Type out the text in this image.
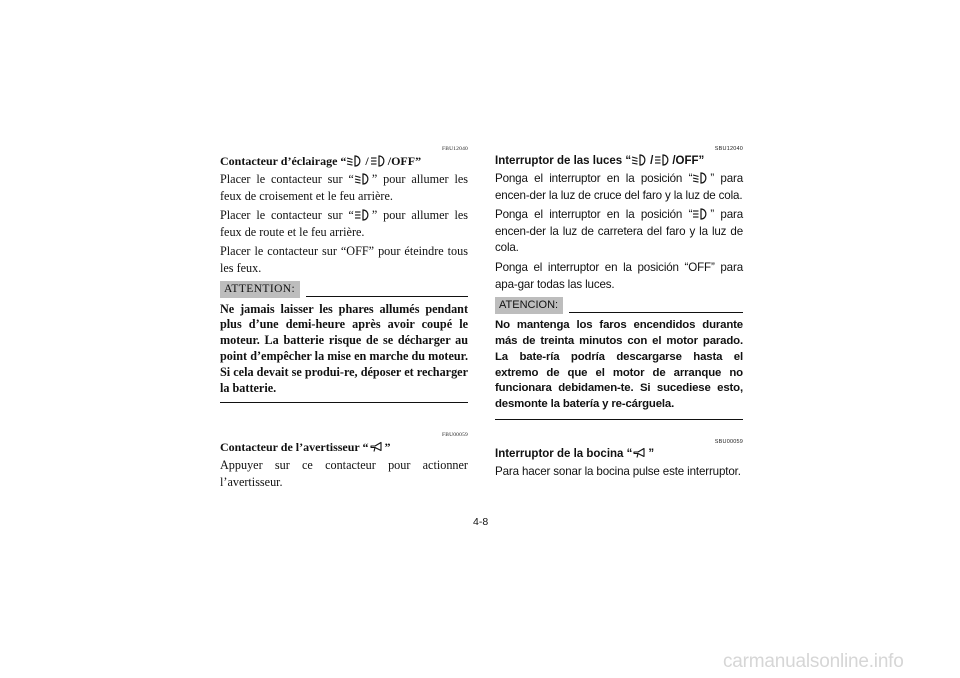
FBU12040
Contacteur d’éclairage “ / /OFF”

Placer le contacteur sur “ ” pour allumer les feux de croisement et le feu arrière.

Placer le contacteur sur “ ” pour allumer les feux de route et le feu arrière.

Placer le contacteur sur “OFF” pour éteindre tous les feux.

ATTENTION:
Ne jamais laisser les phares allumés pendant plus d’une demi-heure après avoir coupé le moteur. La batterie risque de se décharger au point d’empêcher la mise en marche du moteur. Si cela devait se produi-re, déposer et recharger la batterie.
FBU00059
Contacteur de l’avertisseur “ ”

Appuyer sur ce contacteur pour actionner l’avertisseur.

SBU12040
Interruptor de las luces “ / /OFF”

Ponga el interruptor en la posición “ ” para encen-der la luz de cruce del faro y la luz de cola.

Ponga el interruptor en la posición “ ” para encen-der la luz de carretera del faro y la luz de cola.

Ponga el interruptor en la posición “OFF” para apa-gar todas las luces.

ATENCION:
No mantenga los faros encendidos durante más de treinta minutos con el motor parado. La bate-ría podría descargarse hasta el extremo de que el motor de arranque no funcionara debidamen-te. Si sucediese esto, desmonte la batería y re-cárguela.
SBU00059
Interruptor de la bocina “ ”

Para hacer sonar la bocina pulse este interruptor.

4-8
carmanualsonline.info
